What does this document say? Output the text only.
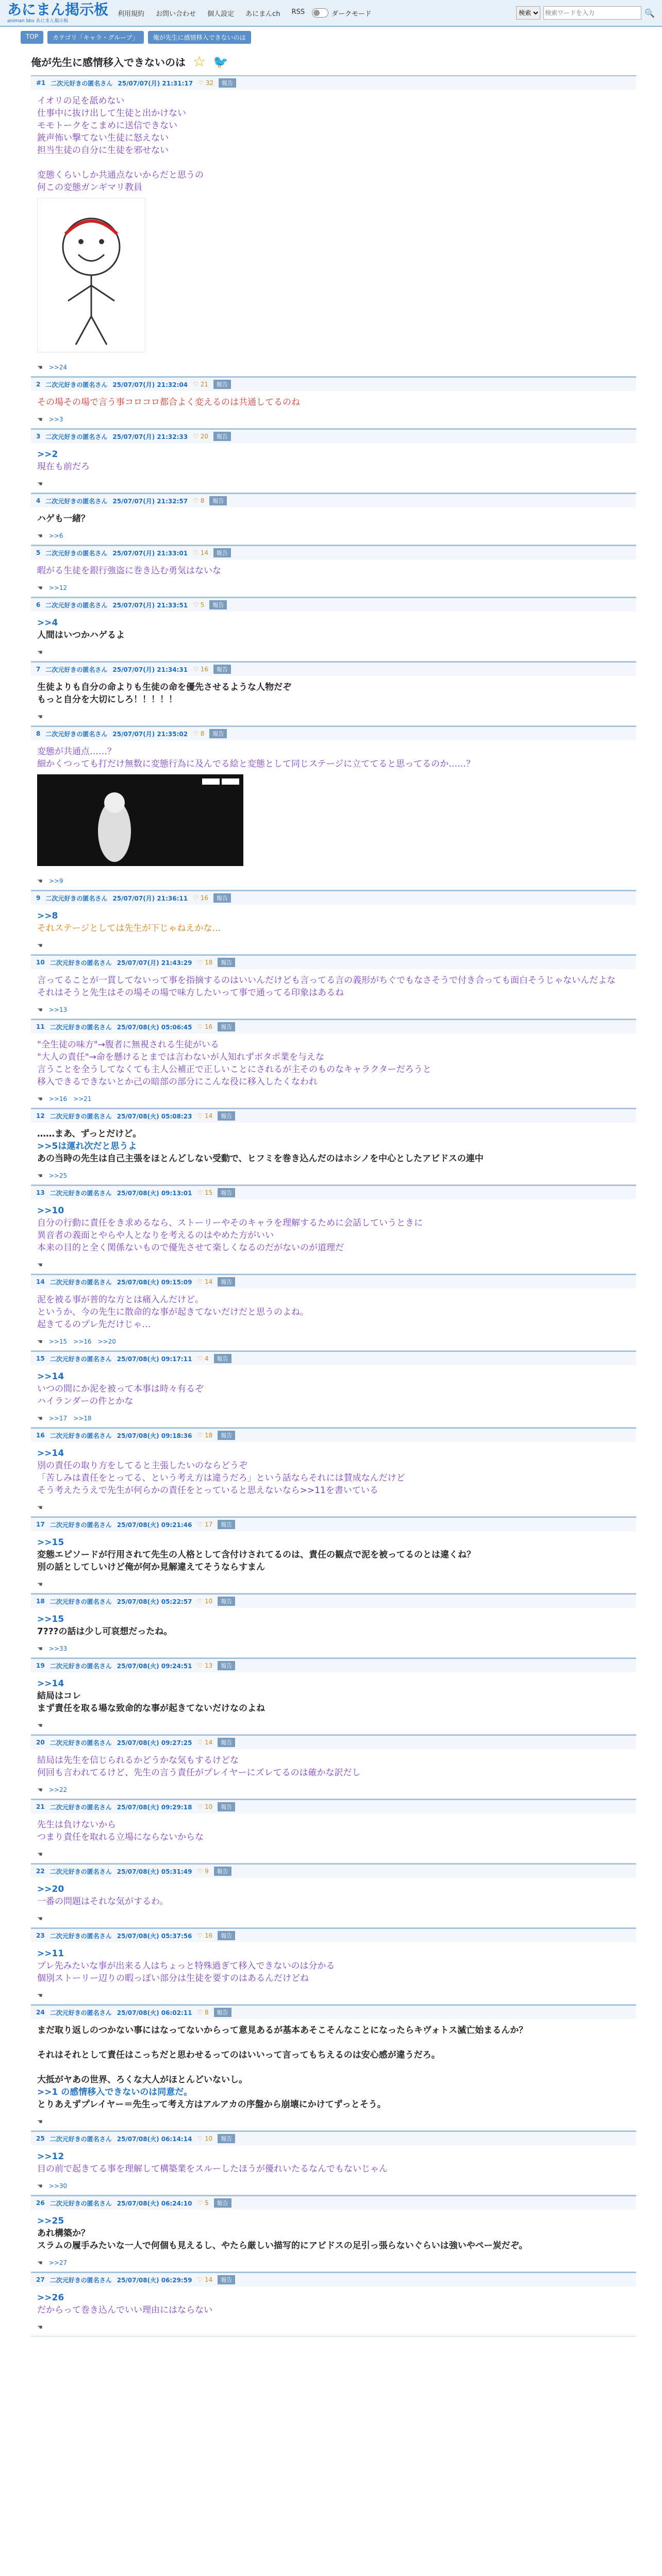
あにまん掲示板
animan bbs あにまん掲示板
利用規約 お問い合わせ 個人設定 あにまんch RSS	ダークモード
検索
検索ワードを入力	🔍
TOP	カテゴリ「キャラ・グループ」	俺が先生に感情移入できないのは
俺が先生に感情移入できないのは ☆ 🐦
#1 二次元好きの匿名さん 25/07/07(月) 21:31:17 ♡ 32	報告
イオリの足を舐めない
仕事中に抜け出して生徒と出かけない
モモトークをこまめに送信できない
銃声怖い撃てない生徒に怒えない
担当生徒の自分に生徒を邪せない

変態くらいしか共通点ないからだと思うの
何この変態ガンギマリ教員
☚ >>24
2 二次元好きの匿名さん 25/07/07(月) 21:32:04 ♡ 21	報告
その場その場で言う事コロコロ都合よく変えるのは共通してるのね
☚ >>3
3 二次元好きの匿名さん 25/07/07(月) 21:32:33 ♡ 20	報告
>>2
現在も前だろ
☚
4 二次元好きの匿名さん 25/07/07(月) 21:32:57 ♡ 8	報告
ハゲも一緒？
☚ >>6
5 二次元好きの匿名さん 25/07/07(月) 21:33:01 ♡ 14	報告
暇がる生徒を銀行強盗に巻き込む勇気はないな
☚ >>12
6 二次元好きの匿名さん 25/07/07(月) 21:33:51 ♡ 5	報告
>>4
人間はいつかハゲるよ
☚
7 二次元好きの匿名さん 25/07/07(月) 21:34:31 ♡ 16	報告
生徒よりも自分の命よりも生徒の命を優先させるような人物だぞ
もっと自分を大切にしろ！！！！！
☚
8 二次元好きの匿名さん 25/07/07(月) 21:35:02 ♡ 8	報告
変態が共通点……？
細かくつっても打だけ無数に変態行為に及んでる絵と変態として同じステージに立ててると思ってるのか……？
☚ >>9
9 二次元好きの匿名さん 25/07/07(月) 21:36:11 ♡ 16	報告
>>8
それステージとしては先生が下じゃねえかな…
☚
10 二次元好きの匿名さん 25/07/07(月) 21:43:29 ♡ 18	報告
言ってることが一貫してないって事を指摘するのはいいんだけども言ってる言の義形がちぐでもなさそうで付き合っても面白そうじゃないんだよな
それはそうと先生はその場その場で味方したいって事で通ってる印象はあるね
☚ >>13
11 二次元好きの匿名さん 25/07/08(火) 05:06:45 ♡ 16	報告
"全生徒の味方"→腹者に無視される生徒がいる
"大人の責任"→命を懸けるとまでは言わないが人知れずボタポ業を与えな
言うことを全うしてなくても主人公補正で正しいことにされるが主そのものなキャラクターだろうと
移入できるできないとか己の暗部の部分にこんな役に移入したくなわれ
☚ >>16 >>21
12 二次元好きの匿名さん 25/07/08(火) 05:08:23 ♡ 14	報告
……まあ、ずっとだけど。
>>5は運れ次だと思うよ
あの当時の先生は自己主張をほとんどしない受動で、ヒフミを巻き込んだのはホシノを中心としたアビドスの連中
☚ >>25
13 二次元好きの匿名さん 25/07/08(火) 09:13:01 ♡ 15	報告
>>10
自分の行動に責任をき求めるなら、ストーリーやそのキャラを理解するために会話していうときに
異音者の義面とやらや人となりを考えるのはやめた方がいい
本来の目的と全く関係ないもので優先させて楽しくなるのだがないのが道理だ
☚
14 二次元好きの匿名さん 25/07/08(火) 09:15:09 ♡ 14	報告
泥を被る事が普的な方とは痛入んだけど。
というか、今の先生に散命的な事が起きてないだけだと思うのよね。
起きてるのプレ先だけじゃ…
☚ >>15 >>16 >>20
15 二次元好きの匿名さん 25/07/08(火) 09:17:11 ♡ 4	報告
>>14
いつの間にか泥を被って本事は時々有るぞ
ハイランダーの件とかな
☚ >>17 >>18
16 二次元好きの匿名さん 25/07/08(火) 09:18:36 ♡ 18	報告
>>14
別の責任の取り方をしてると主張したいのならどうぞ
「苦しみは責任をとってる、という考え方は違うだろ」という話ならそれには賛成なんだけど
そう考えたうえで先生が何らかの責任をとっていると思えないなら>>11を書いている
☚
17 二次元好きの匿名さん 25/07/08(火) 09:21:46 ♡ 17	報告
>>15
変態エピソードが行用されて先生の人格として含付けされてるのは、責任の観点で泥を被ってるのとは違くね？
別の話としてしいけど俺が何か見解違えてそうならすまん
☚
18 二次元好きの匿名さん 25/07/08(火) 05:22:57 ♡ 10	報告
>>15
7???の話は少し可哀想だったね。
☚ >>33
19 二次元好きの匿名さん 25/07/08(火) 09:24:51 ♡ 13	報告
>>14
結局はコレ
まず責任を取る場な致命的な事が起きてないだけなのよね
☚
20 二次元好きの匿名さん 25/07/08(火) 09:27:25 ♡ 14	報告
結局は先生を信じられるかどうかな気もするけどな
何回も言われてるけど、先生の言う責任がプレイヤーにズレてるのは確かな訳だし
☚ >>22
21 二次元好きの匿名さん 25/07/08(火) 09:29:18 ♡ 10	報告
先生は負けないから
つまり責任を取れる立場にならないからな
☚
22 二次元好きの匿名さん 25/07/08(火) 05:31:49 ♡ 9	報告
>>20
一番の問題はそれな気がするわ。
☚
23 二次元好きの匿名さん 25/07/08(火) 05:37:56 ♡ 16	報告
>>11
プレ先みたいな事が出来る人はちょっと特殊過ぎて移入できないのは分かる
個別ストーリー辺りの暇っぽい部分は生徒を要すのはあるんだけどね
☚
24 二次元好きの匿名さん 25/07/08(火) 06:02:11 ♡ 8	報告
まだ取り返しのつかない事にはなってないからって意見あるが基本あそこそんなことになったらキヴォトス滅亡始まるんか？

それはそれとして責任はこっちだと思わせるってのはいいって言ってもちえるのは安心感が違うだろ。

大抵がヤあの世界、ろくな大人がほとんどいないし。
>>1 の感情移入できないのは同意だ。
とりあえずプレイヤー＝先生って考え方はアルアカの序盤から崩壊にかけてずっとそう。
☚
25 二次元好きの匿名さん 25/07/08(火) 06:14:14 ♡ 10	報告
>>12
目の前で起きてる事を理解して構築業をスルーしたほうが優れいたるなんでもないじゃん
☚ >>30
26 二次元好きの匿名さん 25/07/08(火) 06:24:10 ♡ 5	報告
>>25
あれ構築か？
スラムの履手みたいな一人で何個も見えるし、やたら厳しい描写的にアビドスの足引っ張らないぐらいは強いやペー炭だぞ。
☚ >>27
27 二次元好きの匿名さん 25/07/08(火) 06:29:59 ♡ 14	報告
>>26
だからって巻き込んでいい理由にはならない
☚
